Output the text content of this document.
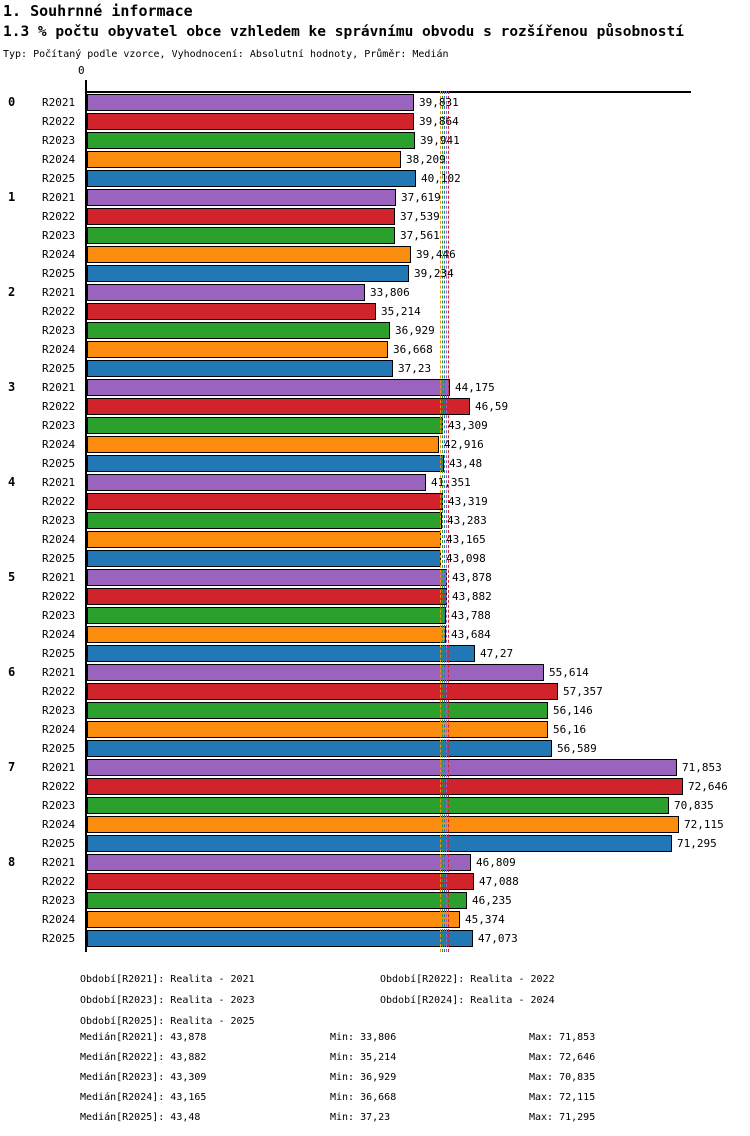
1. Souhrnné informace
1.3 % počtu obyvatel obce vzhledem ke správnímu obvodu s rozšířenou působností
Typ: Počítaný podle vzorce, Vyhodnocení: Absolutní hodnoty, Průměr: Medián
0
0 R2021	39,831
R2022	39,864
R2023	39,941
R2024	38,209
R2025	40,102
1 R2021	37,619
R2022	37,539
R2023	37,561
R2024	39,446
R2025	39,234
2 R2021	33,806
R2022	35,214
R2023	36,929
R2024	36,668
R2025	37,23
3 R2021	44,175
R2022	46,59
R2023	43,309
R2024	42,916
R2025	43,48
4 R2021	41,351
R2022	43,319
R2023	43,283
R2024	43,165
R2025	43,098
5 R2021	43,878
R2022	43,882
R2023	43,788
R2024	43,684
R2025	47,27
6 R2021	55,614
R2022	57,357
R2023	56,146
R2024	56,16
R2025	56,589
7 R2021	71,853
R2022	72,646
R2023	70,835
R2024	72,115
R2025	71,295
8 R2021	46,809
R2022	47,088
R2023	46,235
R2024	45,374
R2025	47,073
Období[R2021]: Realita - 2021	Období[R2022]: Realita - 2022
Období[R2023]: Realita - 2023	Období[R2024]: Realita - 2024
Období[R2025]: Realita - 2025
Medián[R2021]: 43,878	Min: 33,806	Max: 71,853
Medián[R2022]: 43,882	Min: 35,214	Max: 72,646
Medián[R2023]: 43,309	Min: 36,929	Max: 70,835
Medián[R2024]: 43,165	Min: 36,668	Max: 72,115
Medián[R2025]: 43,48	Min: 37,23	Max: 71,295
